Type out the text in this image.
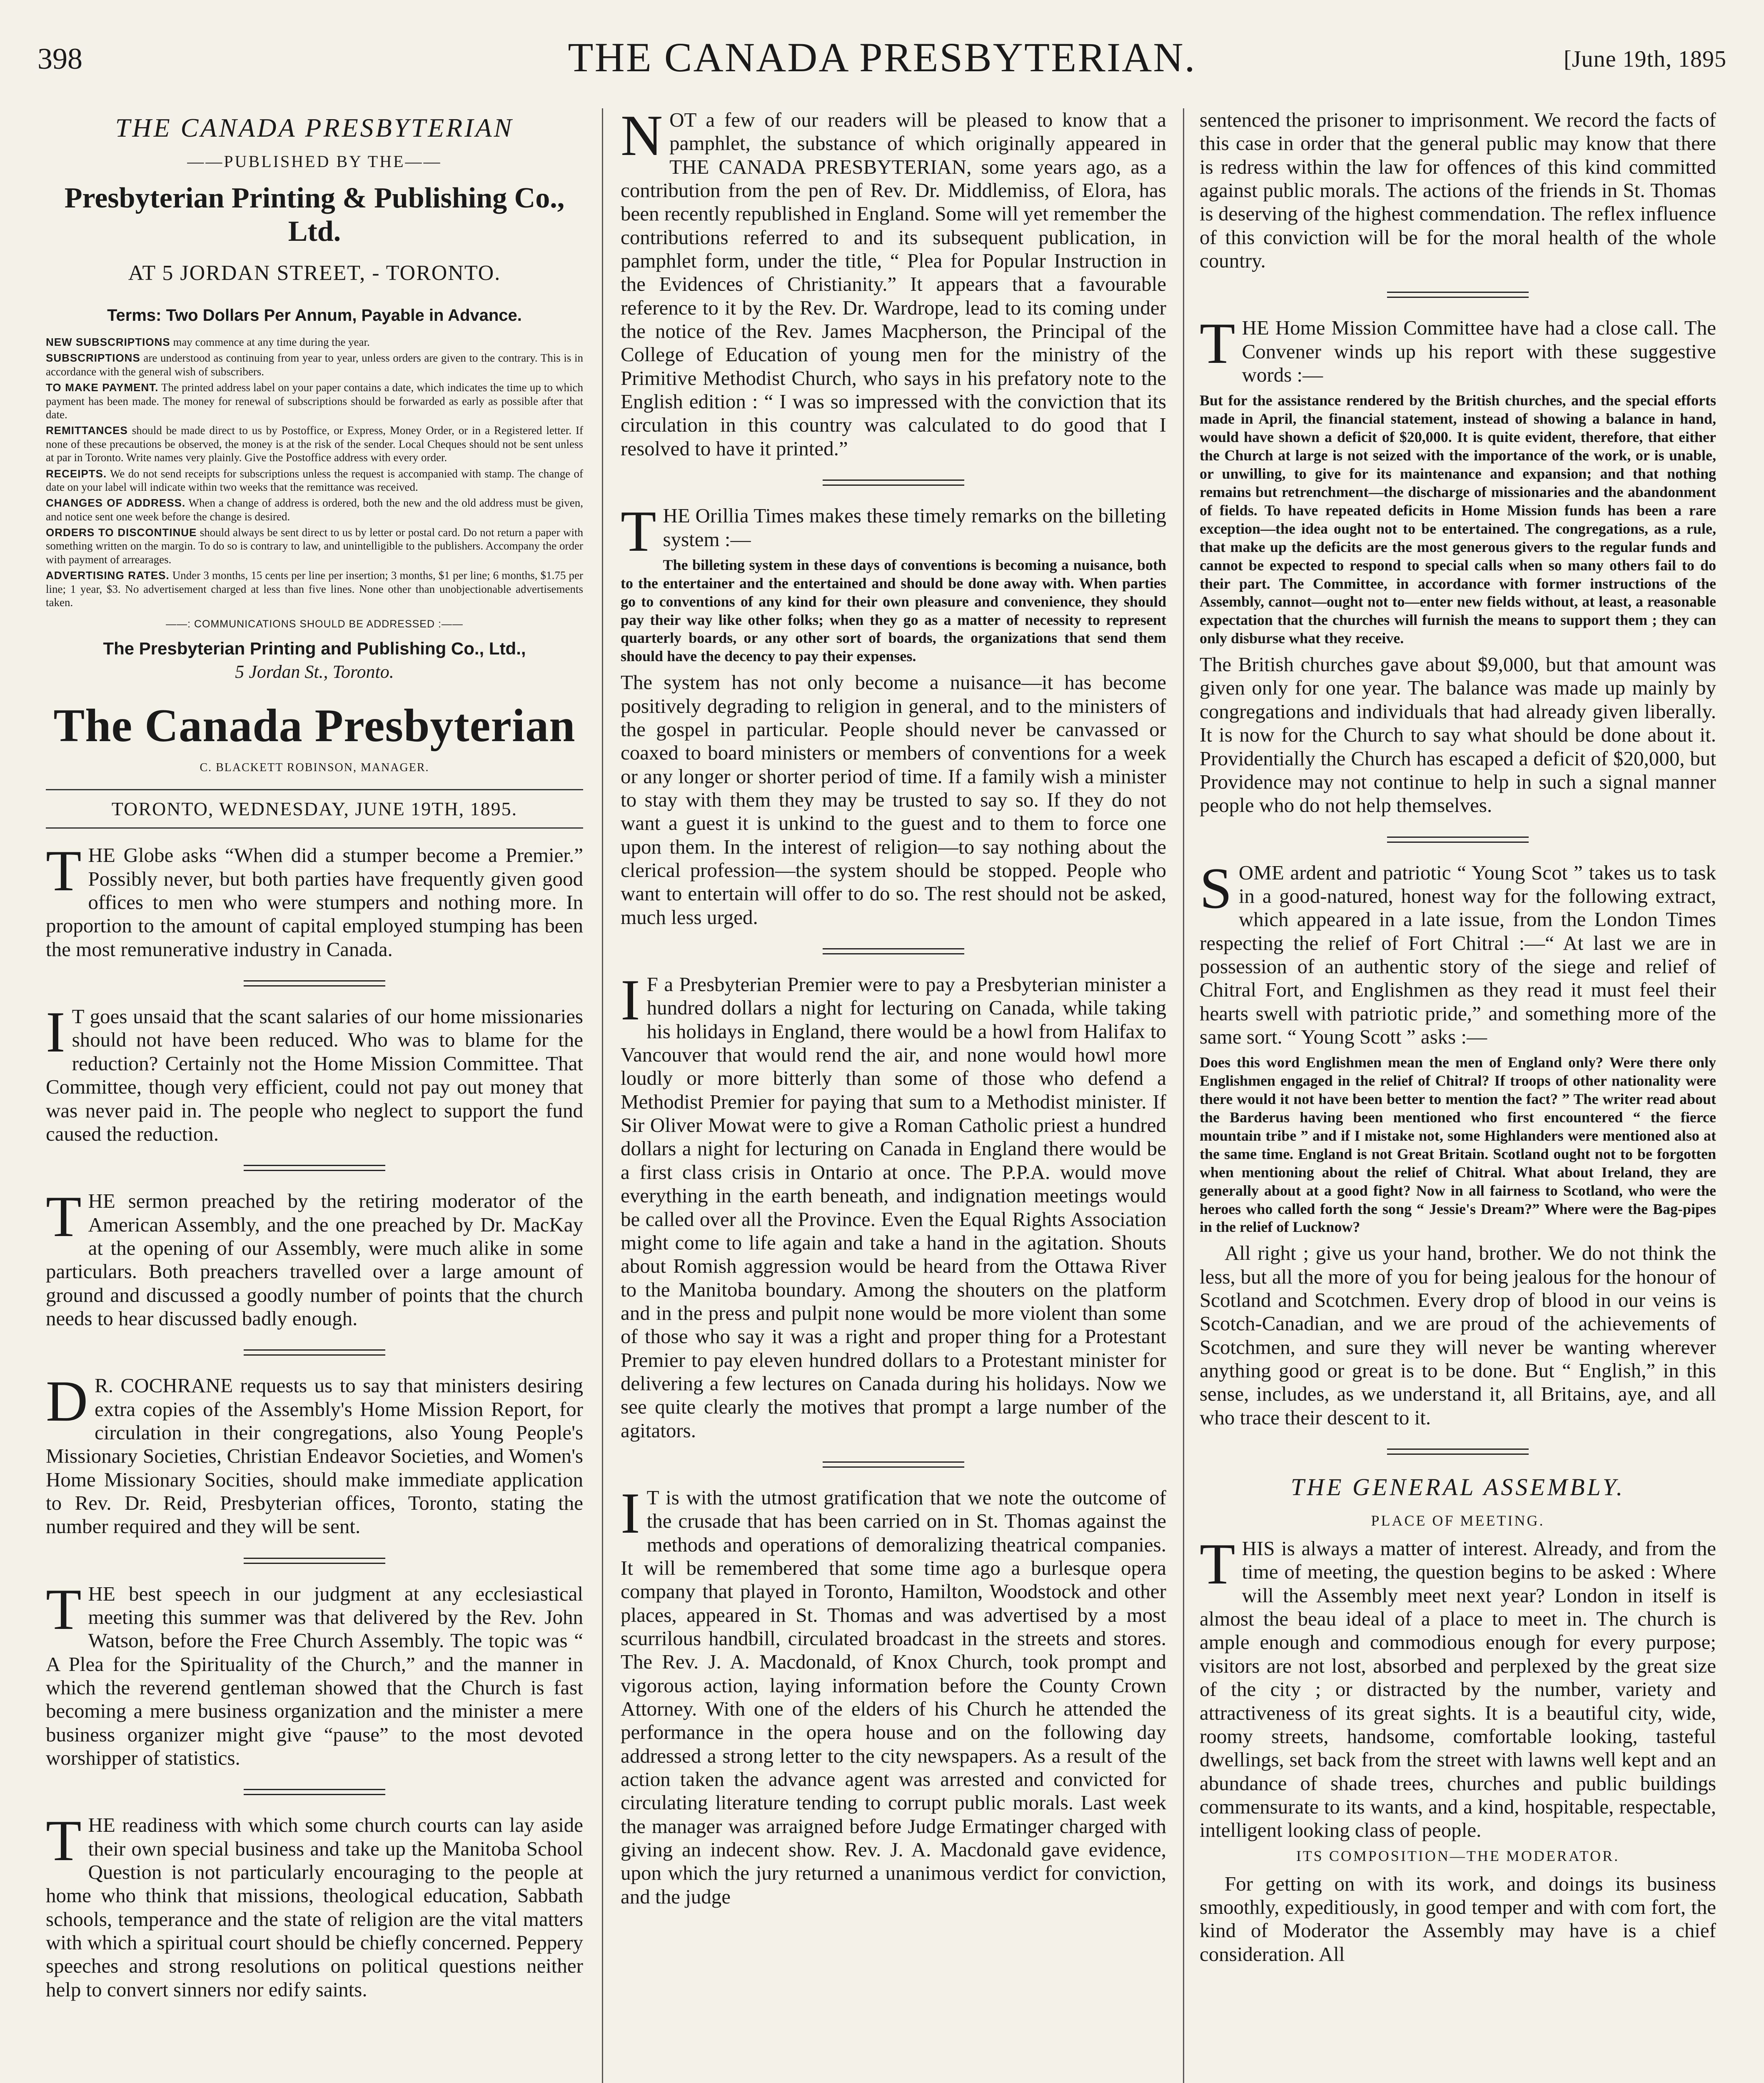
398	THE CANADA PRESBYTERIAN.	[June 19th, 1895
THE CANADA PRESBYTERIAN
——PUBLISHED BY THE——
Presbyterian Printing & Publishing Co., Ltd.
AT 5 JORDAN STREET, - TORONTO.
Terms: Two Dollars Per Annum, Payable in Advance.

NEW SUBSCRIPTIONS may commence at any time during the year.

SUBSCRIPTIONS are understood as continuing from year to year, unless orders are given to the contrary. This is in accordance with the general wish of subscribers.

TO MAKE PAYMENT. The printed address label on your paper contains a date, which indicates the time up to which payment has been made. The money for renewal of subscriptions should be forwarded as early as possible after that date.

REMITTANCES should be made direct to us by Postoffice, or Express, Money Order, or in a Registered letter. If none of these precautions be observed, the money is at the risk of the sender. Local Cheques should not be sent unless at par in Toronto. Write names very plainly. Give the Postoffice address with every order.

RECEIPTS. We do not send receipts for subscriptions unless the request is accompanied with stamp. The change of date on your label will indicate within two weeks that the remittance was received.

CHANGES OF ADDRESS. When a change of address is ordered, both the new and the old address must be given, and notice sent one week before the change is desired.

ORDERS TO DISCONTINUE should always be sent direct to us by letter or postal card. Do not return a paper with something written on the margin. To do so is contrary to law, and unintelligible to the publishers. Accompany the order with payment of arrearages.

ADVERTISING RATES. Under 3 months, 15 cents per line per insertion; 3 months, $1 per line; 6 months, $1.75 per line; 1 year, $3. No advertisement charged at less than five lines. None other than unobjectionable advertisements taken.

——: COMMUNICATIONS SHOULD BE ADDRESSED :——
The Presbyterian Printing and Publishing Co., Ltd.,
5 Jordan St., Toronto.
The Canada Presbyterian
C. BLACKETT ROBINSON, MANAGER.
TORONTO, WEDNESDAY, JUNE 19TH, 1895.

THE Globe asks “When did a stumper become a Premier.” Possibly never, but both parties have frequently given good offices to men who were stumpers and nothing more. In proportion to the amount of capital employed stumping has been the most remunerative industry in Canada.

I T goes unsaid that the scant salaries of our home missionaries should not have been reduced. Who was to blame for the reduction? Certainly not the Home Mission Committee. That Committee, though very efficient, could not pay out money that was never paid in. The people who neglect to support the fund caused the reduction.

THE sermon preached by the retiring moderator of the American Assembly, and the one preached by Dr. MacKay at the opening of our Assembly, were much alike in some particulars. Both preachers travelled over a large amount of ground and discussed a goodly number of points that the church needs to hear discussed badly enough.

D R. COCHRANE requests us to say that ministers desiring extra copies of the Assembly's Home Mission Report, for circulation in their congregations, also Young People's Missionary Societies, Christian Endeavor Societies, and Women's Home Missionary Socities, should make immediate application to Rev. Dr. Reid, Presbyterian offices, Toronto, stating the number required and they will be sent.

THE best speech in our judgment at any ecclesiastical meeting this summer was that delivered by the Rev. John Watson, before the Free Church Assembly. The topic was “ A Plea for the Spirituality of the Church,” and the manner in which the reverend gentleman showed that the Church is fast becoming a mere business organization and the minister a mere business organizer might give “pause” to the most devoted worshipper of statistics.

THE readiness with which some church courts can lay aside their own special business and take up the Manitoba School Question is not particularly encouraging to the people at home who think that missions, theological education, Sabbath schools, temperance and the state of religion are the vital matters with which a spiritual court should be chiefly concerned. Peppery speeches and strong resolutions on political questions neither help to convert sinners nor edify saints.

NOT a few of our readers will be pleased to know that a pamphlet, the substance of which originally appeared in THE CANADA PRESBYTERIAN, some years ago, as a contribution from the pen of Rev. Dr. Middlemiss, of Elora, has been recently republished in England. Some will yet remember the contributions referred to and its subsequent publication, in pamphlet form, under the title, “ Plea for Popular Instruction in the Evidences of Christianity.” It appears that a favourable reference to it by the Rev. Dr. Wardrope, lead to its coming under the notice of the Rev. James Macpherson, the Principal of the College of Education of young men for the ministry of the Primitive Methodist Church, who says in his prefatory note to the English edition : “ I was so impressed with the conviction that its circulation in this country was calculated to do good that I resolved to have it printed.”

THE Orillia Times makes these timely remarks on the billeting system :—

The billeting system in these days of conventions is becoming a nuisance, both to the entertainer and the entertained and should be done away with. When parties go to conventions of any kind for their own pleasure and convenience, they should pay their way like other folks; when they go as a matter of necessity to represent quarterly boards, or any other sort of boards, the organizations that send them should have the decency to pay their expenses.

The system has not only become a nuisance—it has become positively degrading to religion in general, and to the ministers of the gospel in particular. People should never be canvassed or coaxed to board ministers or members of conventions for a week or any longer or shorter period of time. If a family wish a minister to stay with them they may be trusted to say so. If they do not want a guest it is unkind to the guest and to them to force one upon them. In the interest of religion—to say nothing about the clerical profession—the system should be stopped. People who want to entertain will offer to do so. The rest should not be asked, much less urged.

I F a Presbyterian Premier were to pay a Presbyterian minister a hundred dollars a night for lecturing on Canada, while taking his holidays in England, there would be a howl from Halifax to Vancouver that would rend the air, and none would howl more loudly or more bitterly than some of those who defend a Methodist Premier for paying that sum to a Methodist minister. If Sir Oliver Mowat were to give a Roman Catholic priest a hundred dollars a night for lecturing on Canada in England there would be a first class crisis in Ontario at once. The P.P.A. would move everything in the earth beneath, and indignation meetings would be called over all the Province. Even the Equal Rights Association might come to life again and take a hand in the agitation. Shouts about Romish aggression would be heard from the Ottawa River to the Manitoba boundary. Among the shouters on the platform and in the press and pulpit none would be more violent than some of those who say it was a right and proper thing for a Protestant Premier to pay eleven hundred dollars to a Protestant minister for delivering a few lectures on Canada during his holidays. Now we see quite clearly the motives that prompt a large number of the agitators.

I T is with the utmost gratification that we note the outcome of the crusade that has been carried on in St. Thomas against the methods and operations of demoralizing theatrical companies. It will be remembered that some time ago a burlesque opera company that played in Toronto, Hamilton, Woodstock and other places, appeared in St. Thomas and was advertised by a most scurrilous handbill, circulated broadcast in the streets and stores. The Rev. J. A. Macdonald, of Knox Church, took prompt and vigorous action, laying information before the County Crown Attorney. With one of the elders of his Church he attended the performance in the opera house and on the following day addressed a strong letter to the city newspapers. As a result of the action taken the advance agent was arrested and convicted for circulating literature tending to corrupt public morals. Last week the manager was arraigned before Judge Ermatinger charged with giving an indecent show. Rev. J. A. Macdonald gave evidence, upon which the jury returned a unanimous verdict for conviction, and the judge

sentenced the prisoner to imprisonment. We record the facts of this case in order that the general public may know that there is redress within the law for offences of this kind committed against public morals. The actions of the friends in St. Thomas is deserving of the highest commendation. The reflex influence of this conviction will be for the moral health of the whole country.

THE Home Mission Committee have had a close call. The Convener winds up his report with these suggestive words :—

But for the assistance rendered by the British churches, and the special efforts made in April, the financial statement, instead of showing a balance in hand, would have shown a deficit of $20,000. It is quite evident, therefore, that either the Church at large is not seized with the importance of the work, or is unable, or unwilling, to give for its maintenance and expansion; and that nothing remains but retrenchment—the discharge of missionaries and the abandonment of fields. To have repeated deficits in Home Mission funds has been a rare exception—the idea ought not to be entertained. The congregations, as a rule, that make up the deficits are the most generous givers to the regular funds and cannot be expected to respond to special calls when so many others fail to do their part. The Committee, in accordance with former instructions of the Assembly, cannot—ought not to—enter new fields without, at least, a reasonable expectation that the churches will furnish the means to support them ; they can only disburse what they receive.

The British churches gave about $9,000, but that amount was given only for one year. The balance was made up mainly by congregations and individuals that had already given liberally. It is now for the Church to say what should be done about it. Providentially the Church has escaped a deficit of $20,000, but Providence may not continue to help in such a signal manner people who do not help themselves.

SOME ardent and patriotic “ Young Scot ” takes us to task in a good-natured, honest way for the following extract, which appeared in a late issue, from the London Times respecting the relief of Fort Chitral :—“ At last we are in possession of an authentic story of the siege and relief of Chitral Fort, and Englishmen as they read it must feel their hearts swell with patriotic pride,” and something more of the same sort. “ Young Scott ” asks :—

Does this word Englishmen mean the men of England only? Were there only Englishmen engaged in the relief of Chitral? If troops of other nationality were there would it not have been better to mention the fact? ” The writer read about the Barderus having been mentioned who first encountered “ the fierce mountain tribe ” and if I mistake not, some Highlanders were mentioned also at the same time. England is not Great Britain. Scotland ought not to be forgotten when mentioning about the relief of Chitral. What about Ireland, they are generally about at a good fight? Now in all fairness to Scotland, who were the heroes who called forth the song “ Jessie's Dream?” Where were the Bag-pipes in the relief of Lucknow?

All right ; give us your hand, brother. We do not think the less, but all the more of you for being jealous for the honour of Scotland and Scotchmen. Every drop of blood in our veins is Scotch-Canadian, and we are proud of the achievements of Scotchmen, and sure they will never be wanting wherever anything good or great is to be done. But “ English,” in this sense, includes, as we understand it, all Britains, aye, and all who trace their descent to it.

THE GENERAL ASSEMBLY.
PLACE OF MEETING.

THIS is always a matter of interest. Already, and from the time of meeting, the question begins to be asked : Where will the Assembly meet next year? London in itself is almost the beau ideal of a place to meet in. The church is ample enough and commodious enough for every purpose; visitors are not lost, absorbed and perplexed by the great size of the city ; or distracted by the number, variety and attractiveness of its great sights. It is a beautiful city, wide, roomy streets, handsome, comfortable looking, tasteful dwellings, set back from the street with lawns well kept and an abundance of shade trees, churches and public buildings commensurate to its wants, and a kind, hospitable, respectable, intelligent looking class of people.

ITS COMPOSITION—THE MODERATOR.

For getting on with its work, and doings its business smoothly, expeditiously, in good temper and with com fort, the kind of Moderator the Assembly may have is a chief consideration. All
